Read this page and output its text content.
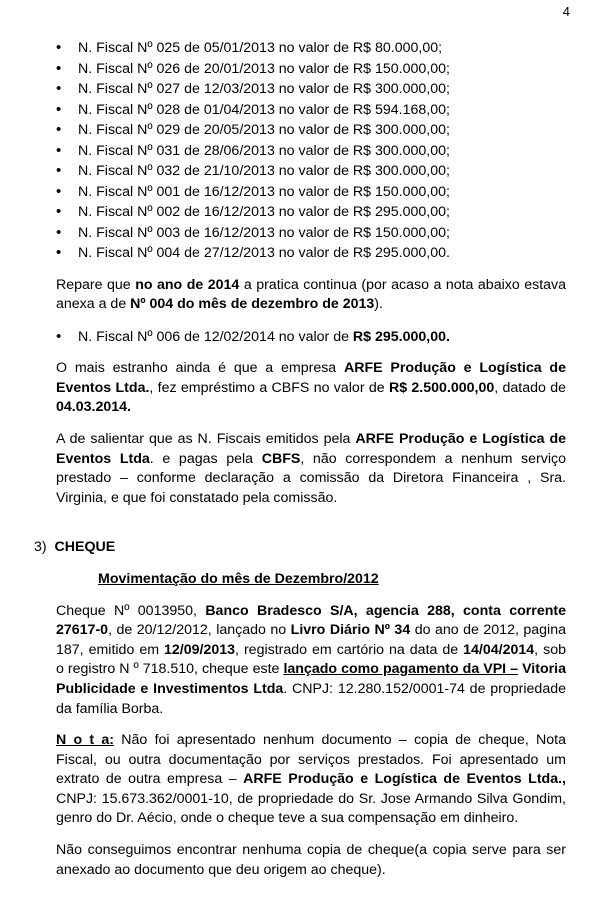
4
• N. Fiscal Nº 025 de 05/01/2013 no valor de R$ 80.000,00;
• N. Fiscal Nº 026 de 20/01/2013 no valor de R$ 150.000,00;
• N. Fiscal Nº 027 de 12/03/2013 no valor de R$ 300.000,00;
• N. Fiscal Nº 028 de 01/04/2013 no valor de R$ 594.168,00;
• N. Fiscal Nº 029 de 20/05/2013 no valor de R$ 300.000,00;
• N. Fiscal Nº 031 de 28/06/2013 no valor de R$ 300.000,00;
• N. Fiscal Nº 032 de 21/10/2013 no valor de R$ 300.000,00;
• N. Fiscal Nº 001 de 16/12/2013 no valor de R$ 150.000,00;
• N. Fiscal Nº 002 de 16/12/2013 no valor de R$ 295.000,00;
• N. Fiscal Nº 003 de 16/12/2013 no valor de R$ 150.000,00;
• N. Fiscal Nº 004 de 27/12/2013 no valor de R$ 295.000,00.

Repare que no ano de 2014 a pratica continua (por acaso a nota abaixo estava anexa a de Nº 004 do mês de dezembro de 2013).

• N. Fiscal Nº 006 de 12/02/2014 no valor de R$ 295.000,00.

O mais estranho ainda é que a empresa ARFE Produção e Logística de Eventos Ltda., fez empréstimo a CBFS no valor de R$ 2.500.000,00, datado de 04.03.2014.

A de salientar que as N. Fiscais emitidos pela ARFE Produção e Logística de Eventos Ltda. e pagas pela CBFS, não correspondem a nenhum serviço prestado – conforme declaração a comissão da Diretora Financeira , Sra. Virginia, e que foi constatado pela comissão.

3) CHEQUE

Movimentação do mês de Dezembro/2012

Cheque Nº 0013950, Banco Bradesco S/A, agencia 288, conta corrente 27617-0, de 20/12/2012, lançado no Livro Diário Nº 34 do ano de 2012, pagina 187, emitido em 12/09/2013, registrado em cartório na data de 14/04/2014, sob o registro N º 718.510, cheque este lançado como pagamento da VPI – Vitoria Publicidade e Investimentos Ltda. CNPJ: 12.280.152/0001-74 de propriedade da família Borba.

N o t a: Não foi apresentado nenhum documento – copia de cheque, Nota Fiscal, ou outra documentação por serviços prestados. Foi apresentado um extrato de outra empresa – ARFE Produção e Logística de Eventos Ltda., CNPJ: 15.673.362/0001-10, de propriedade do Sr. Jose Armando Silva Gondim, genro do Dr. Aécio, onde o cheque teve a sua compensação em dinheiro.

Não conseguimos encontrar nenhuma copia de cheque(a copia serve para ser anexado ao documento que deu origem ao cheque).
